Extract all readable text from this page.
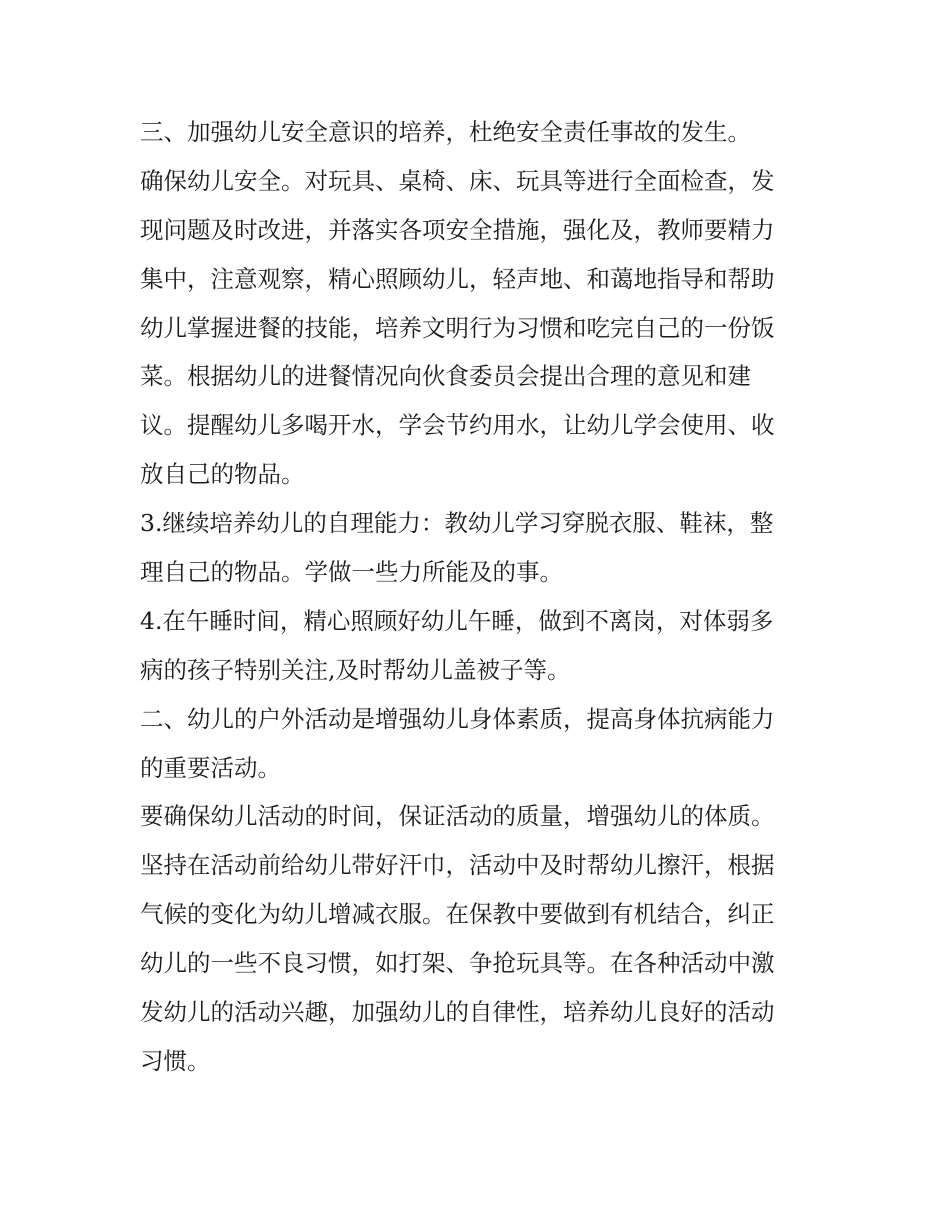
三、加强幼儿安全意识的培养，杜绝安全责任事故的发生。
确保幼儿安全。对玩具、桌椅、床、玩具等进行全面检查，发
现问题及时改进，并落实各项安全措施，强化及，教师要精力
集中，注意观察，精心照顾幼儿，轻声地、和蔼地指导和帮助
幼儿掌握进餐的技能，培养文明行为习惯和吃完自己的一份饭
菜。根据幼儿的进餐情况向伙食委员会提出合理的意见和建
议。提醒幼儿多喝开水，学会节约用水，让幼儿学会使用、收
放自己的物品。
3.继续培养幼儿的自理能力：教幼儿学习穿脱衣服、鞋袜，整
理自己的物品。学做一些力所能及的事。
4.在午睡时间，精心照顾好幼儿午睡，做到不离岗，对体弱多
病的孩子特别关注,及时帮幼儿盖被子等。
二、幼儿的户外活动是增强幼儿身体素质，提高身体抗病能力
的重要活动。
要确保幼儿活动的时间，保证活动的质量，增强幼儿的体质。
坚持在活动前给幼儿带好汗巾，活动中及时帮幼儿擦汗，根据
气候的变化为幼儿增减衣服。在保教中要做到有机结合，纠正
幼儿的一些不良习惯，如打架、争抢玩具等。在各种活动中激
发幼儿的活动兴趣，加强幼儿的自律性，培养幼儿良好的活动
习惯。
